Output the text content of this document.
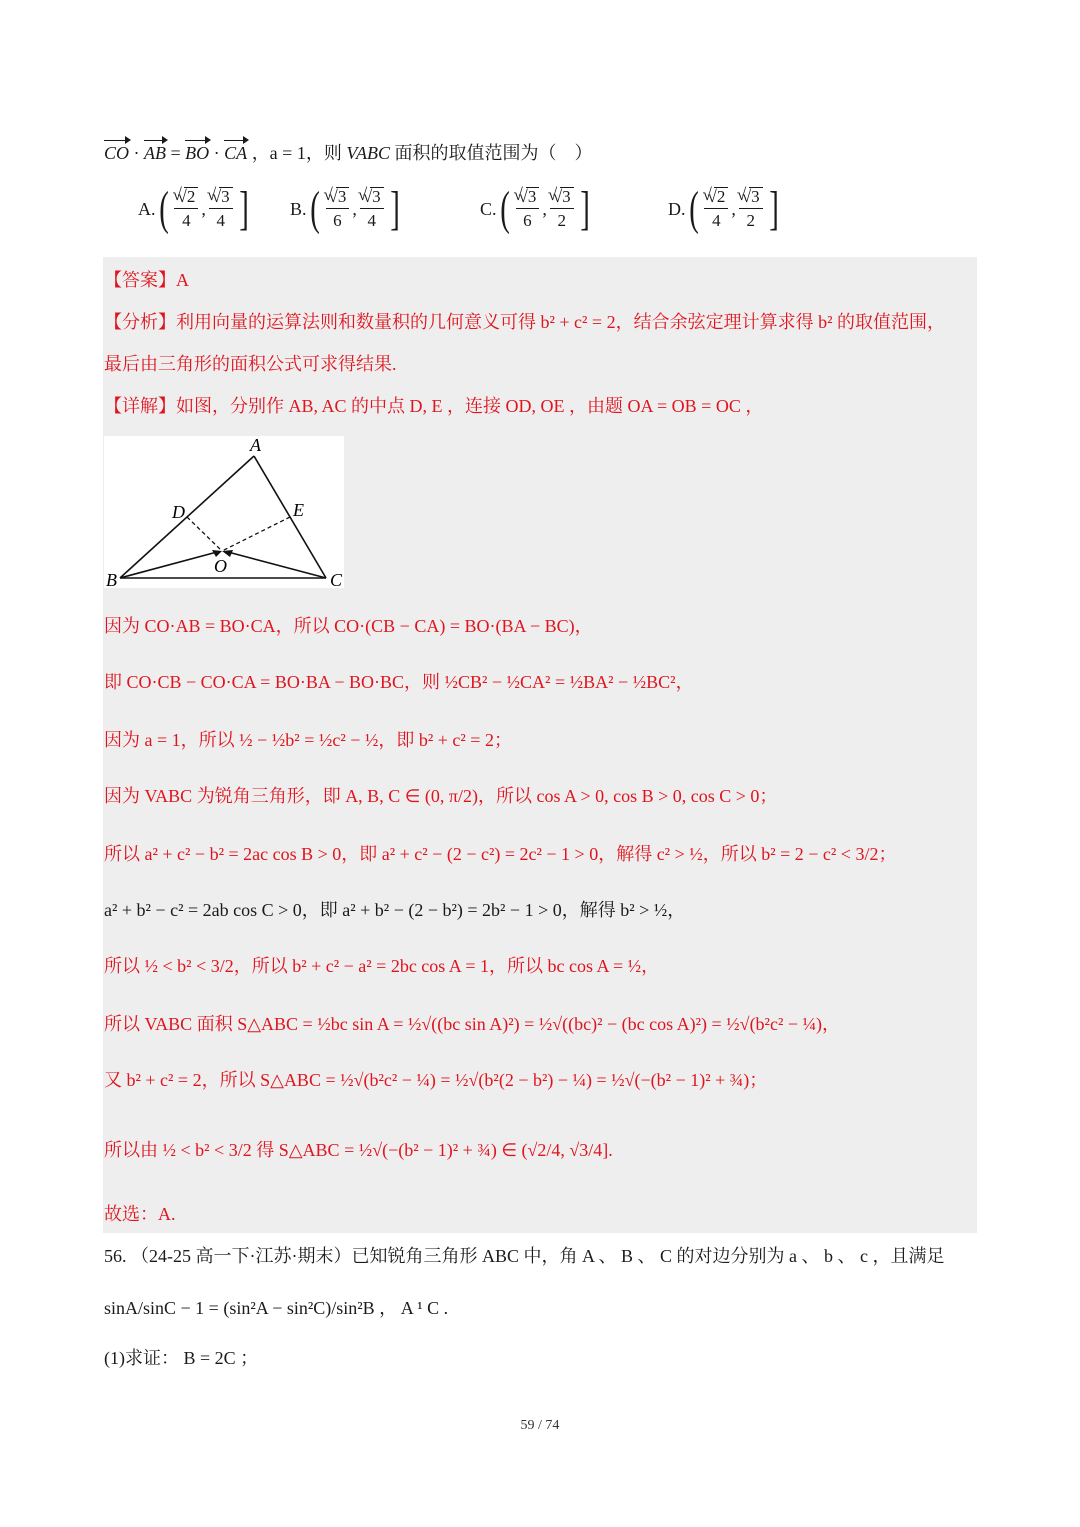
CO · AB = BO · CA ，a = 1，则 VABC 面积的取值范围为（　）
A. ( √ $\frac{√2}{4}$ , √ $\frac{√3}{4}$ ] B. ( √ $\frac{√3}{6}$ , √ $\frac{√3}{4}$ ]	C. ( √ $\frac{√3}{6}$ , √ $\frac{√3}{2}$ ]	D. ( √ $\frac{√2}{4}$ , √ $\frac{√3}{2}$ ]
【答案】A
【分析】利用向量的运算法则和数量积的几何意义可得 b² + c² = 2，结合余弦定理计算求得 b² 的取值范围，
最后由三角形的面积公式可求得结果.
【详解】如图，分别作 AB, AC 的中点 D, E ，连接 OD, OE ，由题 OA = OB = OC ，
A
B	C
D	E
O
因为 CO·AB = BO·CA，所以 CO·(CB − CA) = BO·(BA − BC)，
即 CO·CB − CO·CA = BO·BA − BO·BC，则 ½CB² − ½CA² = ½BA² − ½BC²，
因为 a = 1，所以 ½ − ½b² = ½c² − ½，即 b² + c² = 2；
因为 VABC 为锐角三角形，即 A, B, C ∈ (0, π/2)，所以 cos A > 0, cos B > 0, cos C > 0；
所以 a² + c² − b² = 2ac cos B > 0，即 a² + c² − (2 − c²) = 2c² − 1 > 0，解得 c² > ½，所以 b² = 2 − c² < 3/2；
a² + b² − c² = 2ab cos C > 0，即 a² + b² − (2 − b²) = 2b² − 1 > 0，解得 b² > ½，
所以 ½ < b² < 3/2，所以 b² + c² − a² = 2bc cos A = 1，所以 bc cos A = ½，
所以 VABC 面积 S△ABC = ½bc sin A = ½√((bc sin A)²) = ½√((bc)² − (bc cos A)²) = ½√(b²c² − ¼)，
又 b² + c² = 2，所以 S△ABC = ½√(b²c² − ¼) = ½√(b²(2 − b²) − ¼) = ½√(−(b² − 1)² + ¾)；
所以由 ½ < b² < 3/2 得 S△ABC = ½√(−(b² − 1)² + ¾) ∈ (√2/4, √3/4].
故选：A.
56. （24-25 高一下·江苏·期末）已知锐角三角形 ABC 中，角 A 、 B 、 C 的对边分别为 a 、 b 、 c ，且满足
sinA/sinC − 1 = (sin²A − sin²C)/sin²B ， A ¹ C .
(1)求证： B = 2C ；
59 / 74
